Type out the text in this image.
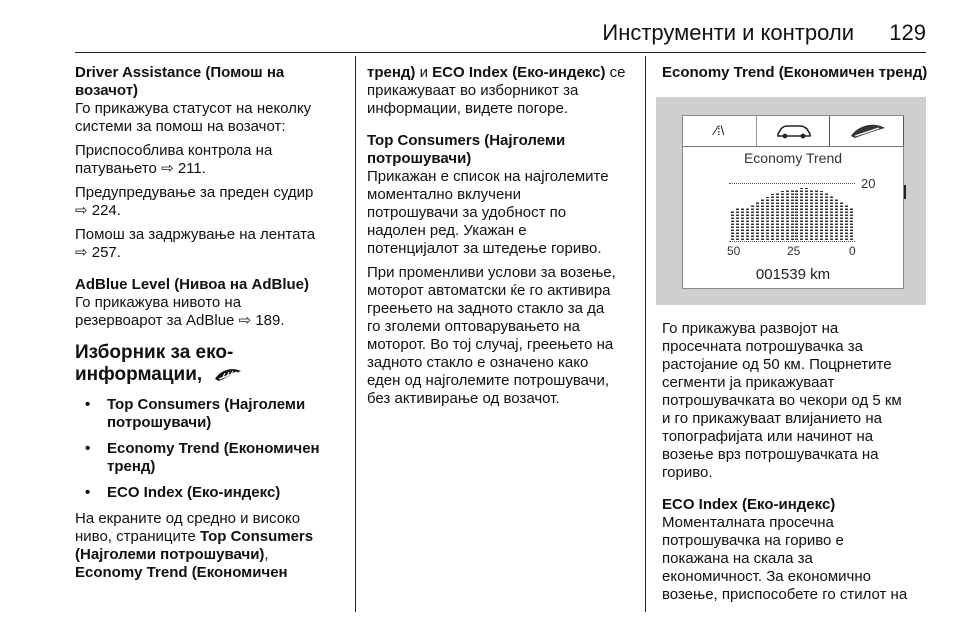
Инструменти и контроли 129

Driver Assistance (Помош на
возачот)

Го прикажува статусот на неколку
системи за помош на возачот:

Приспособлива контрола на
патувањето ⇨ 211.

Предупредување за преден судир
⇨ 224.

Помош за задржување на лентата
⇨ 257.

AdBlue Level (Нивоа на AdBlue)

Го прикажува нивото на
резервоарот за AdBlue ⇨ 189.

Изборник за еко-
информации,

• Top Consumers (Најголеми
потрошувачи)
• Economy Trend (Економичен
тренд)
• ECO Index (Еко-индекс)

На екраните од средно и високо
ниво, страниците Top Consumers
(Најголеми потрошувачи),
Economy Trend (Економичен

тренд) и ECO Index (Еко-индекс) се
прикажуваат во изборникот за
информации, видете погоре.

Top Consumers (Најголеми
потрошувачи)

Прикажан е список на најголемите
моментално вклучени
потрошувачи за удобност по
надолен ред. Укажан е
потенцијалот за штедење гориво.

При променливи услови за возење,
моторот автоматски ќе го активира
греењето на задното стакло за да
го зголеми оптоварувањето на
моторот. Во тој случај, греењето на
задното стакло е означено како
еден од најголемите потрошувачи,
без активирање од возачот.

Economy Trend (Економичен тренд)

⁄⁞\
Economy Trend
20
50	25	0
001539 km

Го прикажува развојот на
просечната потрошувачка за
растојание од 50 км. Поцрнетите
сегменти ја прикажуваат
потрошувачката во чекори од 5 км
и го прикажуваат влијанието на
топографијата или начинот на
возење врз потрошувачката на
гориво.

ECO Index (Еко-индекс)

Моменталната просечна
потрошувачка на гориво е
покажана на скала за
економичност. За економично
возење, приспособете го стилот на
